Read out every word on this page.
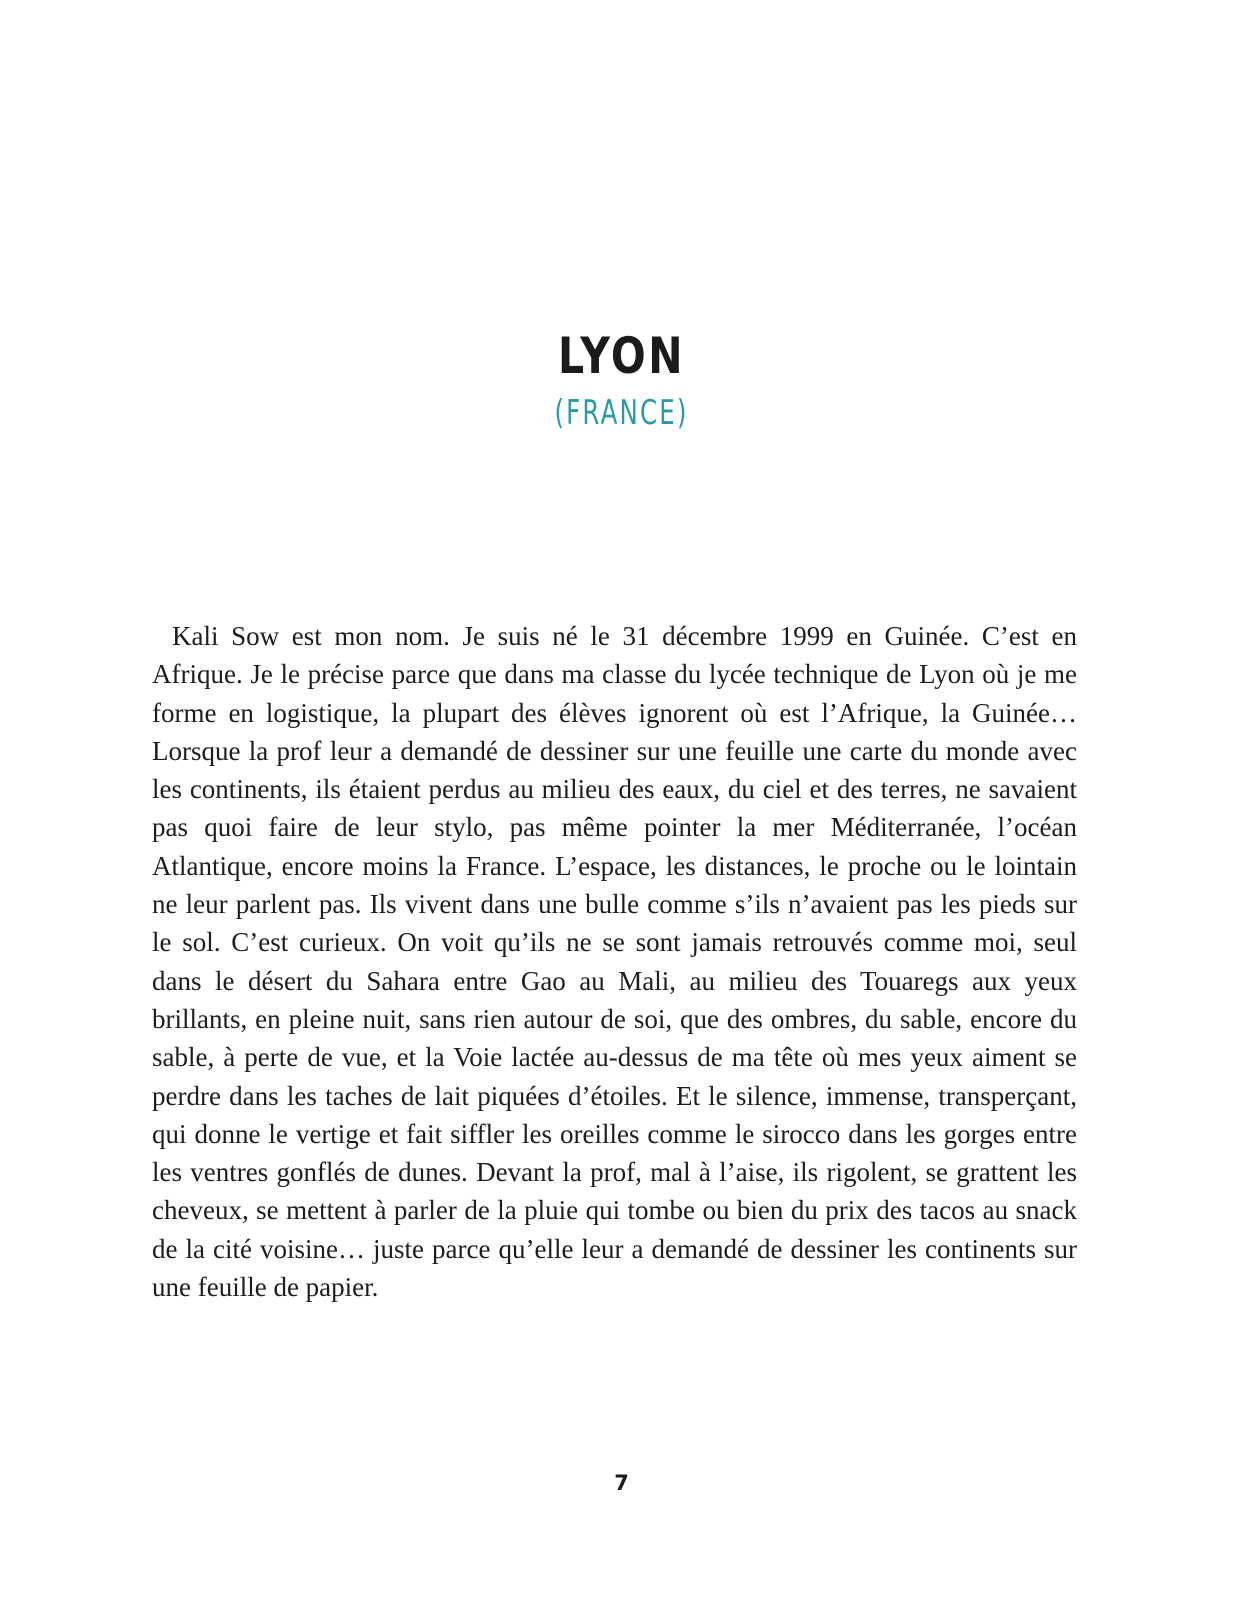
LYON
(FRANCE)

Kali Sow est mon nom. Je suis né le 31 décembre 1999 en Guinée. C’est en Afrique. Je le précise parce que dans ma classe du lycée technique de Lyon où je me forme en logistique, la plupart des élèves ignorent où est l’Afrique, la Guinée… Lorsque la prof leur a demandé de dessiner sur une feuille une carte du monde avec les continents, ils étaient perdus au milieu des eaux, du ciel et des terres, ne savaient pas quoi faire de leur stylo, pas même pointer la mer Méditerranée, l’océan Atlantique, encore moins la France. L’espace, les distances, le proche ou le lointain ne leur parlent pas. Ils vivent dans une bulle comme s’ils n’avaient pas les pieds sur le sol. C’est curieux. On voit qu’ils ne se sont jamais retrouvés comme moi, seul dans le désert du Sahara entre Gao au Mali, au milieu des Touaregs aux yeux brillants, en pleine nuit, sans rien autour de soi, que des ombres, du sable, encore du sable, à perte de vue, et la Voie lactée au-dessus de ma tête où mes yeux aiment se perdre dans les taches de lait piquées d’étoiles. Et le silence, immense, transperçant, qui donne le vertige et fait siffler les oreilles comme le sirocco dans les gorges entre les ventres gonflés de dunes. Devant la prof, mal à l’aise, ils rigolent, se grattent les cheveux, se mettent à parler de la pluie qui tombe ou bien du prix des tacos au snack de la cité voisine… juste parce qu’elle leur a demandé de dessiner les continents sur une feuille de papier.

7
